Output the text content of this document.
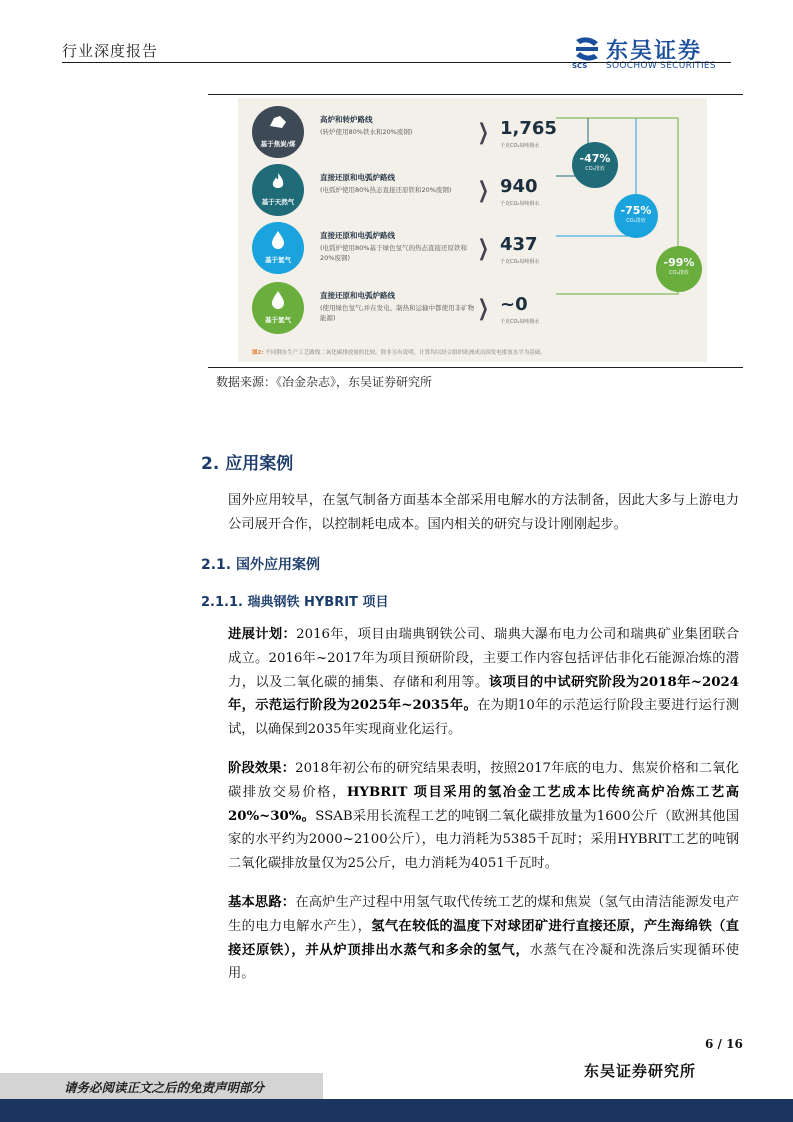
行业深度报告
SCS
东吴证券
SOOCHOW SECURITIES
基于焦炭/煤
高炉和转炉路线
(转炉使用80%铁水和20%废钢)	❯ 1,765
千克CO₂每吨钢水
基于天然气
直接还原和电弧炉路线
(电弧炉使用80%热态直接还原铁和20%废钢)	❯ 940
千克CO₂每吨钢水
基于氢气
直接还原和电弧炉路线
(电弧炉使用80%基于绿色氢气的热态直接还原铁和20%废钢)	❯ 437
千克CO₂每吨钢水
基于氢气
直接还原和电弧炉路线
(使用绿色氢气,并在发电、制热和运输中都使用非矿物能源)	❯ ~0
千克CO₂每吨钢水
-47%
CO₂排放
-75%
CO₂排放
-99%
CO₂排放
图2: 不同钢水生产工艺路线二氧化碳排放量的比较。除非另有说明，计算均以经合组织欧洲成员国发电排放水平为基础。
数据来源：《冶金杂志》，东吴证券研究所
2. 应用案例
国外应用较早，在氢气制备方面基本全部采用电解水的方法制备，因此大多与上游电力公司展开合作，以控制耗电成本。国内相关的研究与设计刚刚起步。
2.1. 国外应用案例
2.1.1. 瑞典钢铁 HYBRIT 项目
进展计划：2016年，项目由瑞典钢铁公司、瑞典大瀑布电力公司和瑞典矿业集团联合成立。2016年~2017年为项目预研阶段，主要工作内容包括评估非化石能源冶炼的潜力，以及二氧化碳的捕集、存储和利用等。该项目的中试研究阶段为2018年~2024年，示范运行阶段为2025年~2035年。在为期10年的示范运行阶段主要进行运行测试，以确保到2035年实现商业化运行。
阶段效果：2018年初公布的研究结果表明，按照2017年底的电力、焦炭价格和二氧化碳排放交易价格，HYBRIT 项目采用的氢冶金工艺成本比传统高炉冶炼工艺高20%~30%。SSAB采用长流程工艺的吨钢二氧化碳排放量为1600公斤（欧洲其他国家的水平约为2000~2100公斤），电力消耗为5385千瓦时；采用HYBRIT工艺的吨钢二氧化碳排放量仅为25公斤，电力消耗为4051千瓦时。
基本思路：在高炉生产过程中用氢气取代传统工艺的煤和焦炭（氢气由清洁能源发电产生的电力电解水产生），氢气在较低的温度下对球团矿进行直接还原，产生海绵铁（直接还原铁），并从炉顶排出水蒸气和多余的氢气，水蒸气在冷凝和洗涤后实现循环使用。
6 / 16
东吴证券研究所
请务必阅读正文之后的免责声明部分
